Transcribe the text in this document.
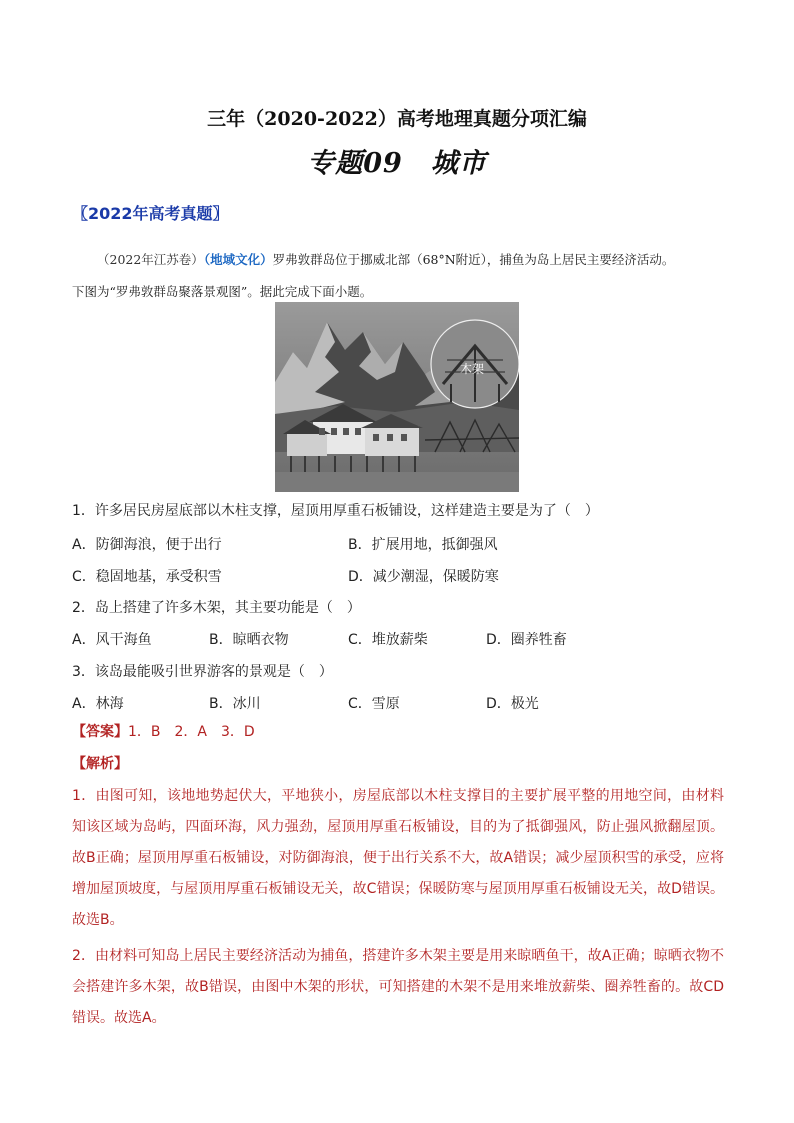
三年（2020-2022）高考地理真题分项汇编
专题09　城市
〖2022年高考真题〗
（2022年江苏卷）（地域文化）罗弗敦群岛位于挪威北部（68°N附近），捕鱼为岛上居民主要经济活动。
下图为“罗弗敦群岛聚落景观图”。据此完成下面小题。
木架
1．许多居民房屋底部以木柱支撑，屋顶用厚重石板铺设，这样建造主要是为了（　）
A．防御海浪，便于出行	B．扩展用地，抵御强风
C．稳固地基，承受积雪	D．减少潮湿，保暖防寒
2．岛上搭建了许多木架，其主要功能是（　）
A．风干海鱼	B．晾晒衣物	C．堆放薪柴	D．圈养牲畜
3．该岛最能吸引世界游客的景观是（　）
A．林海	B．冰川	C．雪原	D．极光
【答案】1．B　2．A　3．D
【解析】
1．由图可知，该地地势起伏大，平地狭小，房屋底部以木柱支撑目的主要扩展平整的用地空间，由材料知该区域为岛屿，四面环海，风力强劲，屋顶用厚重石板铺设，目的为了抵御强风，防止强风掀翻屋顶。故B正确；屋顶用厚重石板铺设，对防御海浪，便于出行关系不大，故A错误；减少屋顶积雪的承受，应将增加屋顶坡度，与屋顶用厚重石板铺设无关，故C错误；保暖防寒与屋顶用厚重石板铺设无关，故D错误。故选B。
2．由材料可知岛上居民主要经济活动为捕鱼，搭建许多木架主要是用来晾晒鱼干，故A正确；晾晒衣物不会搭建许多木架，故B错误，由图中木架的形状，可知搭建的木架不是用来堆放薪柴、圈养牲畜的。故CD错误。故选A。
